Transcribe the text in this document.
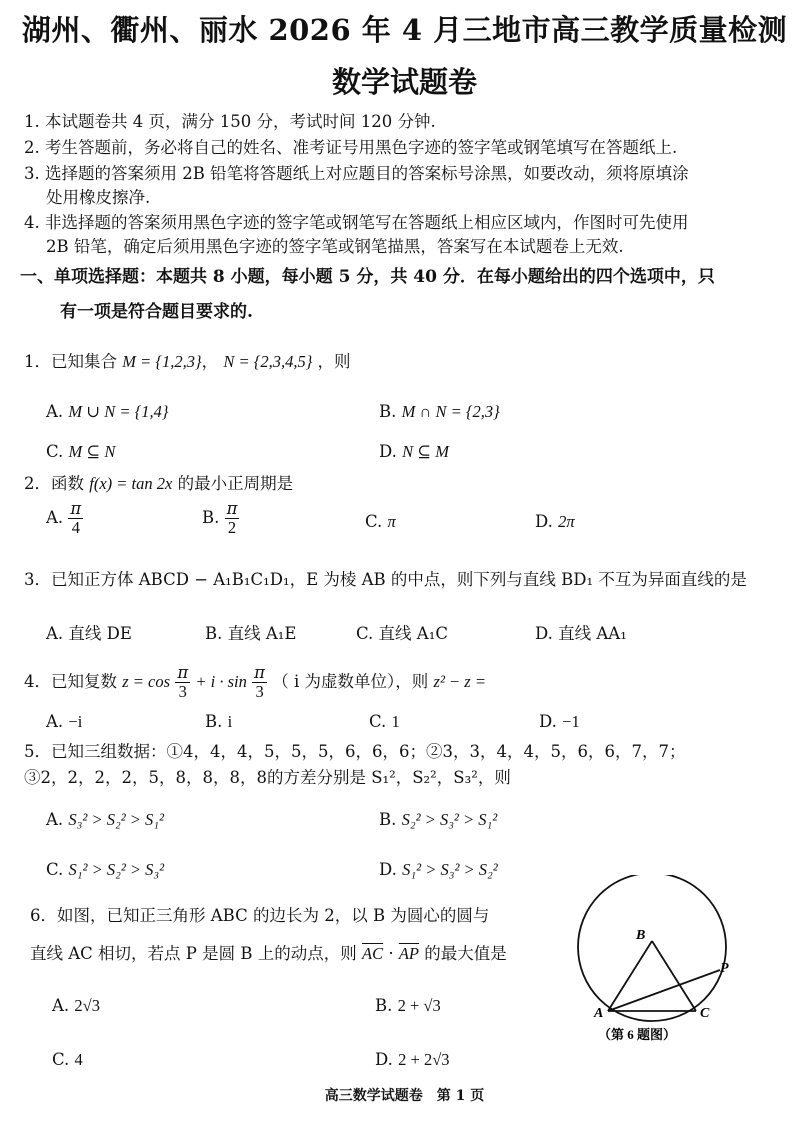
湖州、衢州、丽水 2026 年 4 月三地市高三教学质量检测
数学试题卷
1. 本试题卷共 4 页，满分 150 分，考试时间 120 分钟.
2. 考生答题前，务必将自己的姓名、准考证号用黑色字迹的签字笔或钢笔填写在答题纸上.
3. 选择题的答案须用 2B 铅笔将答题纸上对应题目的答案标号涂黑，如要改动，须将原填涂
处用橡皮擦净.
4. 非选择题的答案须用黑色字迹的签字笔或钢笔写在答题纸上相应区域内，作图时可先使用
2B 铅笔，确定后须用黑色字迹的签字笔或钢笔描黑，答案写在本试题卷上无效.
一、单项选择题：本题共 8 小题，每小题 5 分，共 40 分．在每小题给出的四个选项中，只
有一项是符合题目要求的.
1．已知集合 M = {1,2,3}， N = {2,3,4,5} ，则
A. M ∪ N = {1,4}	B. M ∩ N = {2,3}
C. M ⊆ N	D. N ⊆ M
2．函数 f(x) = tan 2x 的最小正周期是
A. $\frac{\pi}{4}$	B. $\frac{\pi}{2}$	C. π	D. 2π
3．已知正方体 ABCD − A₁B₁C₁D₁，E 为棱 AB 的中点，则下列与直线 BD₁ 不互为异面直线的是
A. 直线 DE	B. 直线 A₁E	C. 直线 A₁C	D. 直线 AA₁
4．已知复数 $z = \cos \frac{\pi}{3} + i \cdot \sin \frac{\pi}{3}$ （ i 为虚数单位），则 z² − z =
A. −i	B. i	C. 1	D. −1
5．已知三组数据：①4，4，4，5，5，5，6，6，6；②3，3，4，4，5，6，6，7，7；
③2，2，2，2，5，8，8，8，8的方差分别是 S₁²，S₂²，S₃²，则
A. S₃² > S₂² > S₁²	B. S₂² > S₃² > S₁²
C. S₁² > S₂² > S₃²	D. S₁² > S₃² > S₂²
6．如图，已知正三角形 ABC 的边长为 2，以 B 为圆心的圆与
直线 AC 相切，若点 P 是圆 B 上的动点，则 $\overline{AC} \cdot \overline{AP}$ 的最大值是
A. 2√3	B. 2 + √3
C. 4	D. 2 + 2√3
B
A	C
P
（第 6 题图）
高三数学试题卷　第 1 页
